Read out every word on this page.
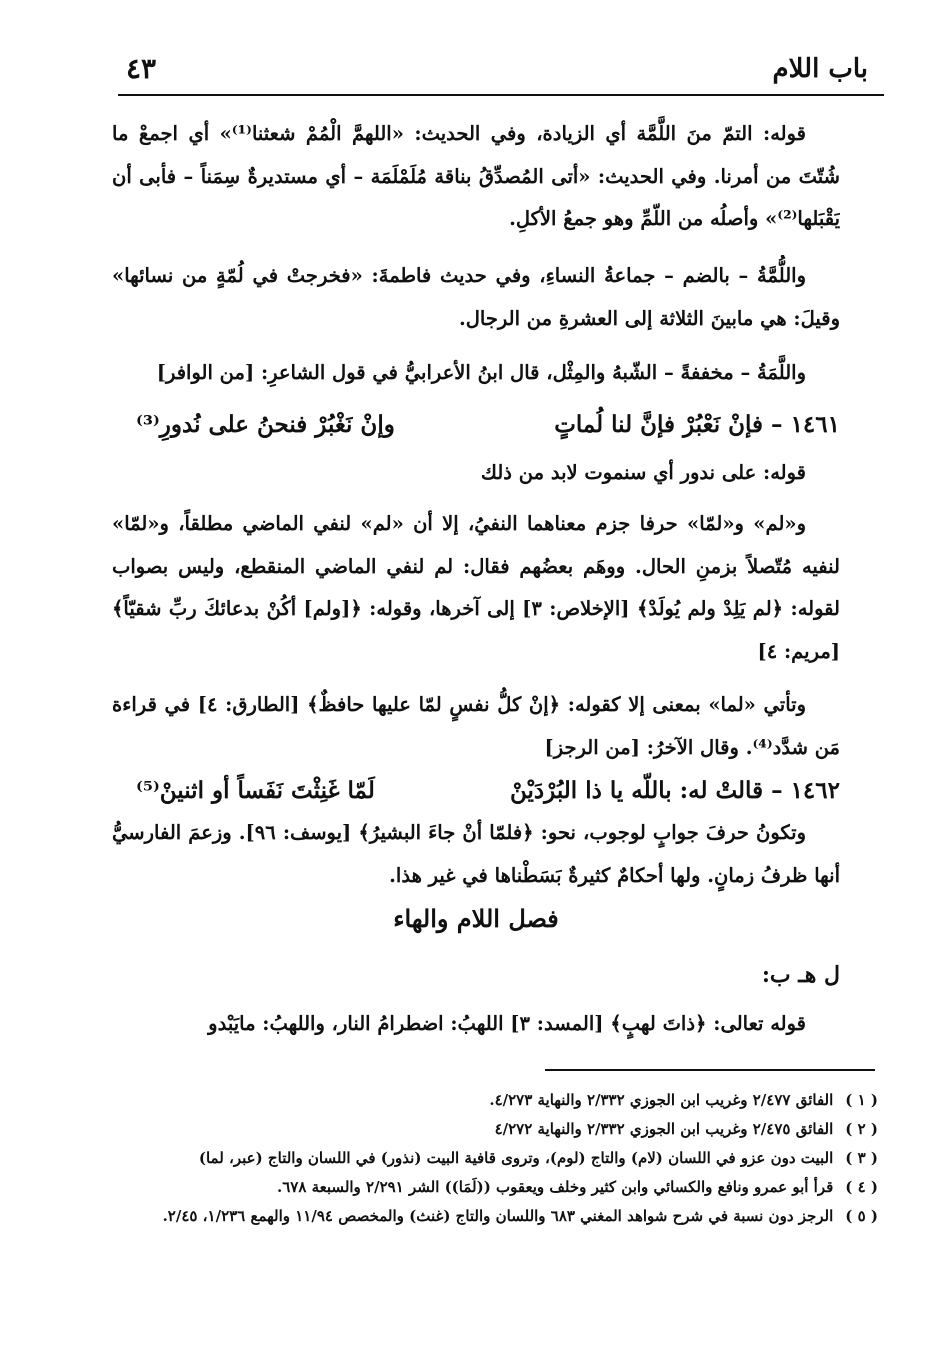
٤٣	باب اللام

قوله: التمّ منَ اللَّمَّة أي الزيادة، وفي الحديث: «اللهمَّ الْمُمْ شعثنا⁽¹⁾» أي اجمعْ ما شُتّتَ من أمرنا. وفي الحديث: «أتى المُصدِّقُ بناقة مُلَمْلَمَة – أي مستديرةٌ سِمَناً – فأبى أن يَقْبَلها⁽²⁾» وأصلُه من اللّمِّ وهو جمعُ الأكلِ.

واللُّمَّةُ – بالضم – جماعةُ النساءِ، وفي حديث فاطمةَ: «فخرجتْ في لُمّةٍ من نسائها» وقيلَ: هي مابينَ الثلاثة إلى العشرةِ من الرجال.

واللَّمَةُ – مخففةً – الشّبهُ والمِثْل، قال ابنُ الأعرابيُّ في قول الشاعرِ: [من الوافر]

١٤٦١ – فإنْ نَعْبُرْ فإنَّ لنا لُماتٍ
وإنْ نَغْبُرْ فنحنُ على نُدورِ⁽³⁾

قوله: على ندور أي سنموت لابد من ذلك

و«لم» و«لمّا» حرفا جزم معناهما النفيُ، إلا أن «لم» لنفي الماضي مطلقاً، و«لمّا» لنفيه مُتّصلاً بزمنِ الحال. ووهَم بعضُهم فقال: لم لنفي الماضي المنقطع، وليس بصواب لقوله: ﴿لم يَلِدْ ولم يُولَدْ﴾ [الإخلاص: ٣] إلى آخرها، وقوله: ﴿[ولم] أكُنْ بدعائكَ ربِّ شقيّاً﴾ [مريم: ٤]

وتأتي «لما» بمعنى إلا كقوله: ﴿إنْ كلُّ نفسٍ لمّا عليها حافظٌ﴾ [الطارق: ٤] في قراءة مَن شدَّد⁽⁴⁾. وقال الآخرُ: [من الرجز]

١٤٦٢ – قالتْ له: باللّه يا ذا البُرْدَيْنْ
لَمّا غَنِثْتَ نَفَساً أو اثنينْ⁽⁵⁾

وتكونُ حرفَ جوابٍ لوجوب، نحو: ﴿فلمّا أنْ جاءَ البشيرُ﴾ [يوسف: ٩٦]. وزعمَ الفارسيُّ أنها ظرفُ زمانٍ. ولها أحكامٌ كثيرةٌ بَسَطْناها في غير هذا.

فصل اللام والهاء
ل هـ ب:

قوله تعالى: ﴿ذاتَ لهبٍ﴾ [المسد: ٣] اللهبُ: اضطرامُ النار، واللهبُ: مايَبْدو

( ١ )
الفائق ٢/٤٧٧ وغريب ابن الجوزي ٢/٣٣٢ والنهاية ٤/٢٧٣.
( ٢ )
الفائق ٢/٤٧٥ وغريب ابن الجوزي ٢/٣٣٢ والنهاية ٤/٢٧٢
( ٣ )
البيت دون عزو في اللسان (لام) والتاج (لوم)، وتروى قافية البيت (نذور) في اللسان والتاج (عبر، لما)
( ٤ )
قرأ أبو عمرو ونافع والكسائي وابن كثير وخلف ويعقوب ((لَمَا)) الشر ٢/٢٩١ والسبعة ٦٧٨.
( ٥ )
الرجز دون نسبة في شرح شواهد المغني ٦٨٣ واللسان والتاج (غنث) والمخصص ١١/٩٤ والهمع ١/٢٣٦، ٢/٤٥.
